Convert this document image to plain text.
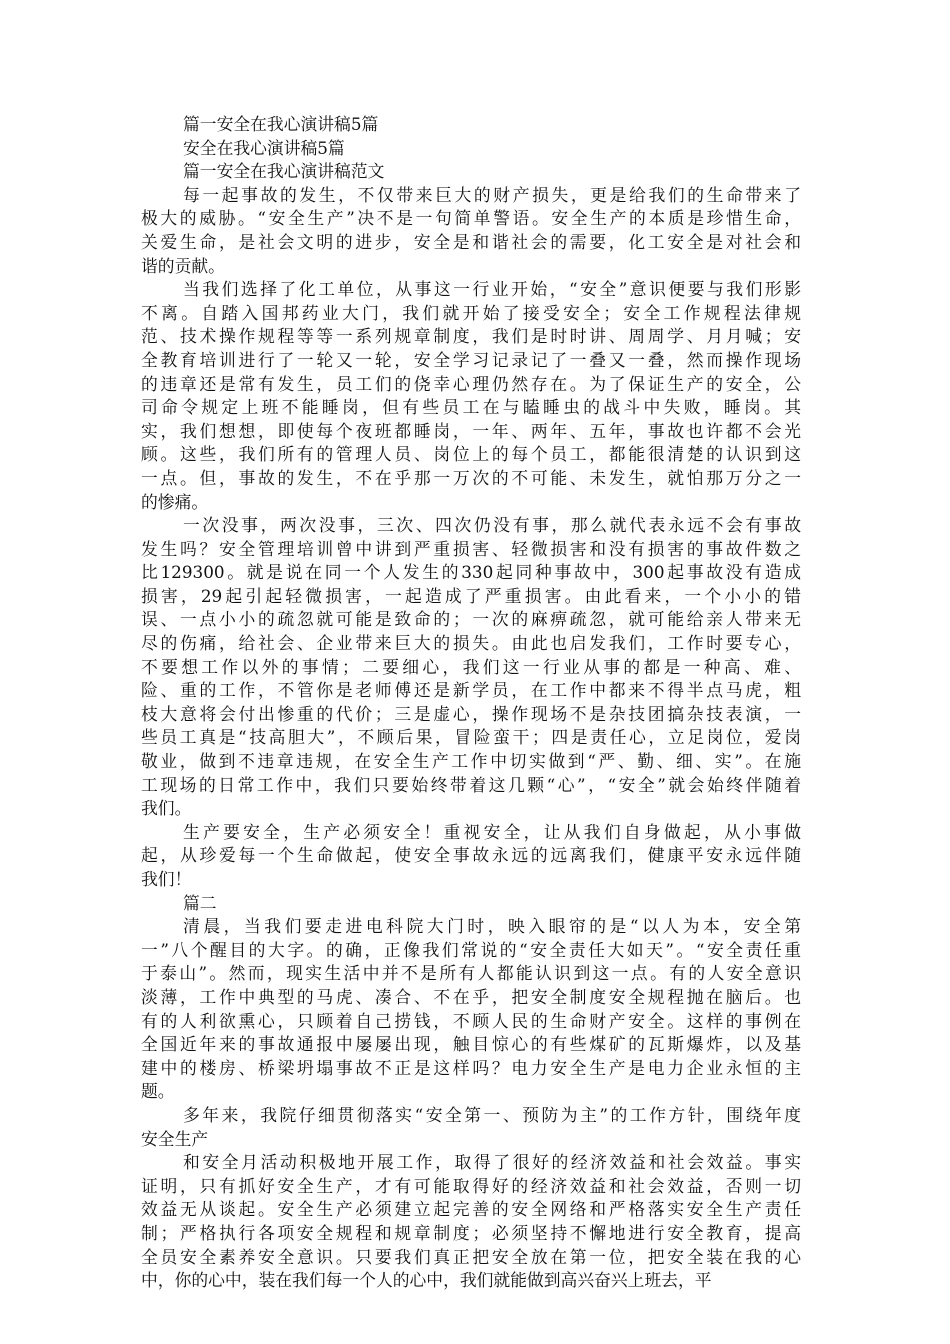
篇一安全在我心演讲稿5篇
安全在我心演讲稿5篇
篇一安全在我心演讲稿范文
每一起事故的发生，不仅带来巨大的财产损失，更是给我们的生命带来了
极大的威胁。“安全生产”决不是一句简单警语。安全生产的本质是珍惜生命，
关爱生命，是社会文明的进步，安全是和谐社会的需要，化工安全是对社会和
谐的贡献。
当我们选择了化工单位，从事这一行业开始，“安全”意识便要与我们形影
不离。自踏入国邦药业大门，我们就开始了接受安全；安全工作规程法律规
范、技术操作规程等等一系列规章制度，我们是时时讲、周周学、月月喊；安
全教育培训进行了一轮又一轮，安全学习记录记了一叠又一叠，然而操作现场
的违章还是常有发生，员工们的侥幸心理仍然存在。为了保证生产的安全，公
司命令规定上班不能睡岗，但有些员工在与瞌睡虫的战斗中失败，睡岗。其
实，我们想想，即使每个夜班都睡岗，一年、两年、五年，事故也许都不会光
顾。这些，我们所有的管理人员、岗位上的每个员工，都能很清楚的认识到这
一点。但，事故的发生，不在乎那一万次的不可能、未发生，就怕那万分之一
的惨痛。
一次没事，两次没事，三次、四次仍没有事，那么就代表永远不会有事故
发生吗？安全管理培训曾中讲到严重损害、轻微损害和没有损害的事故件数之
比129300。就是说在同一个人发生的330起同种事故中，300起事故没有造成
损害，29起引起轻微损害，一起造成了严重损害。由此看来，一个小小的错
误、一点小小的疏忽就可能是致命的；一次的麻痹疏忽，就可能给亲人带来无
尽的伤痛，给社会、企业带来巨大的损失。由此也启发我们，工作时要专心，
不要想工作以外的事情；二要细心，我们这一行业从事的都是一种高、难、
险、重的工作，不管你是老师傅还是新学员，在工作中都来不得半点马虎，粗
枝大意将会付出惨重的代价；三是虚心，操作现场不是杂技团搞杂技表演，一
些员工真是“技高胆大”，不顾后果，冒险蛮干；四是责任心，立足岗位，爱岗
敬业，做到不违章违规，在安全生产工作中切实做到“严、勤、细、实”。在施
工现场的日常工作中，我们只要始终带着这几颗“心”，“安全”就会始终伴随着
我们。
生产要安全，生产必须安全！重视安全，让从我们自身做起，从小事做
起，从珍爱每一个生命做起，使安全事故永远的远离我们，健康平安永远伴随
我们！
篇二
清晨，当我们要走进电科院大门时，映入眼帘的是“以人为本，安全第
一”八个醒目的大字。的确，正像我们常说的“安全责任大如天”。“安全责任重
于泰山”。然而，现实生活中并不是所有人都能认识到这一点。有的人安全意识
淡薄，工作中典型的马虎、凑合、不在乎，把安全制度安全规程抛在脑后。也
有的人利欲熏心，只顾着自己捞钱，不顾人民的生命财产安全。这样的事例在
全国近年来的事故通报中屡屡出现，触目惊心的有些煤矿的瓦斯爆炸，以及基
建中的楼房、桥梁坍塌事故不正是这样吗？电力安全生产是电力企业永恒的主
题。
多年来，我院仔细贯彻落实“安全第一、预防为主”的工作方针，围绕年度
安全生产
和安全月活动积极地开展工作，取得了很好的经济效益和社会效益。事实
证明，只有抓好安全生产，才有可能取得好的经济效益和社会效益，否则一切
效益无从谈起。安全生产必须建立起完善的安全网络和严格落实安全生产责任
制；严格执行各项安全规程和规章制度；必须坚持不懈地进行安全教育，提高
全员安全素养安全意识。只要我们真正把安全放在第一位，把安全装在我的心
中，你的心中，装在我们每一个人的心中，我们就能做到高兴奋兴上班去，平
